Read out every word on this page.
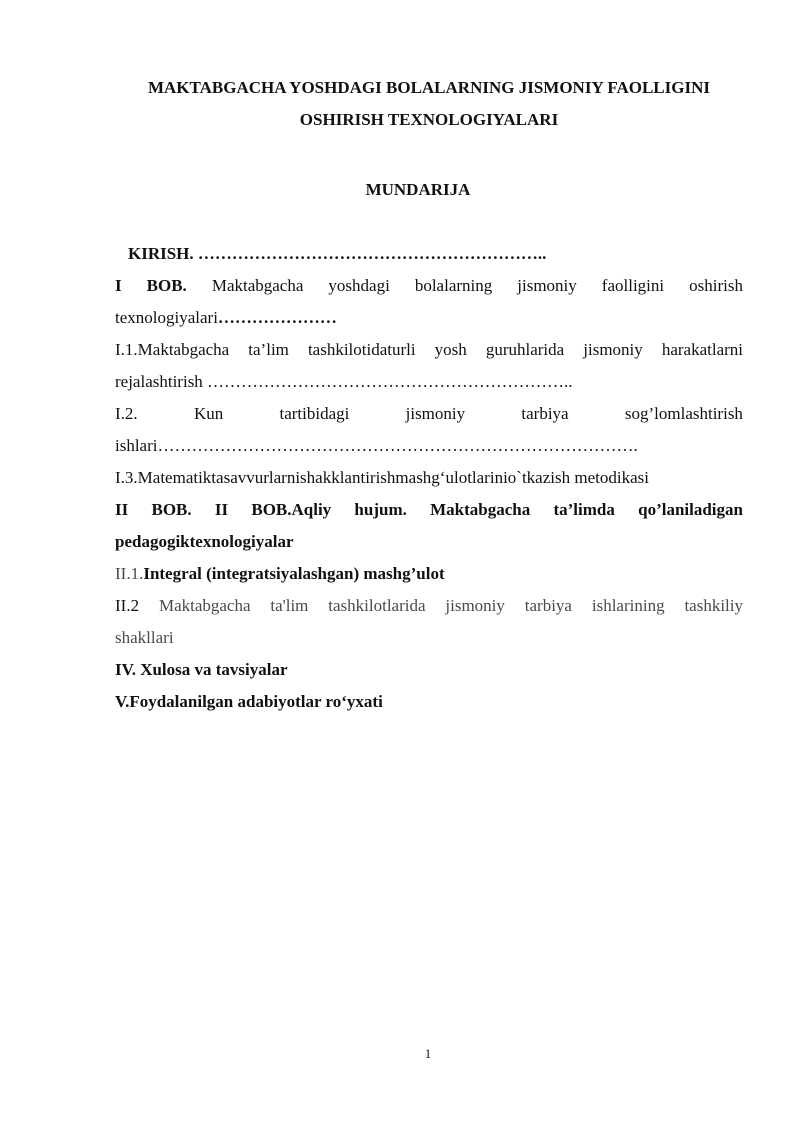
MAKTABGACHA YOSHDAGI BOLALARNING JISMONIY FAOLLIGINI
OSHIRISH TEXNOLOGIYALARI
MUNDARIJA

KIRISH. ……………………………………………………..

I BOB. Maktabgacha yoshdagi bolalarning jismoniy faolligini oshirish

texnologiyalari…………………

I.1.Maktabgacha ta’lim tashkilotidaturli yosh guruhlarida jismoniy harakatlarni

rejalashtirish ………………………………………………………..

I.2.	Kun	tartibidagi	jismoniy	tarbiya	sog’lomlashtirish

ishlari………………………………………………………………………….

I.3.Matematiktasavvurlarnishakklantirishmashg‘ulotlarinio`tkazish metodikasi

II BOB. II BOB.Aqliy hujum. Maktabgacha ta’limda qo’laniladigan

pedagogiktexnologiyalar

II.1.Integral (integratsiyalashgan) mashg’ulot

II.2 Maktabgacha ta'lim tashkilotlarida jismoniy tarbiya ishlarining tashkiliy

shakllari

IV. Xulosa va tavsiyalar

V.Foydalanilgan adabiyotlar ro‘yxati

1
